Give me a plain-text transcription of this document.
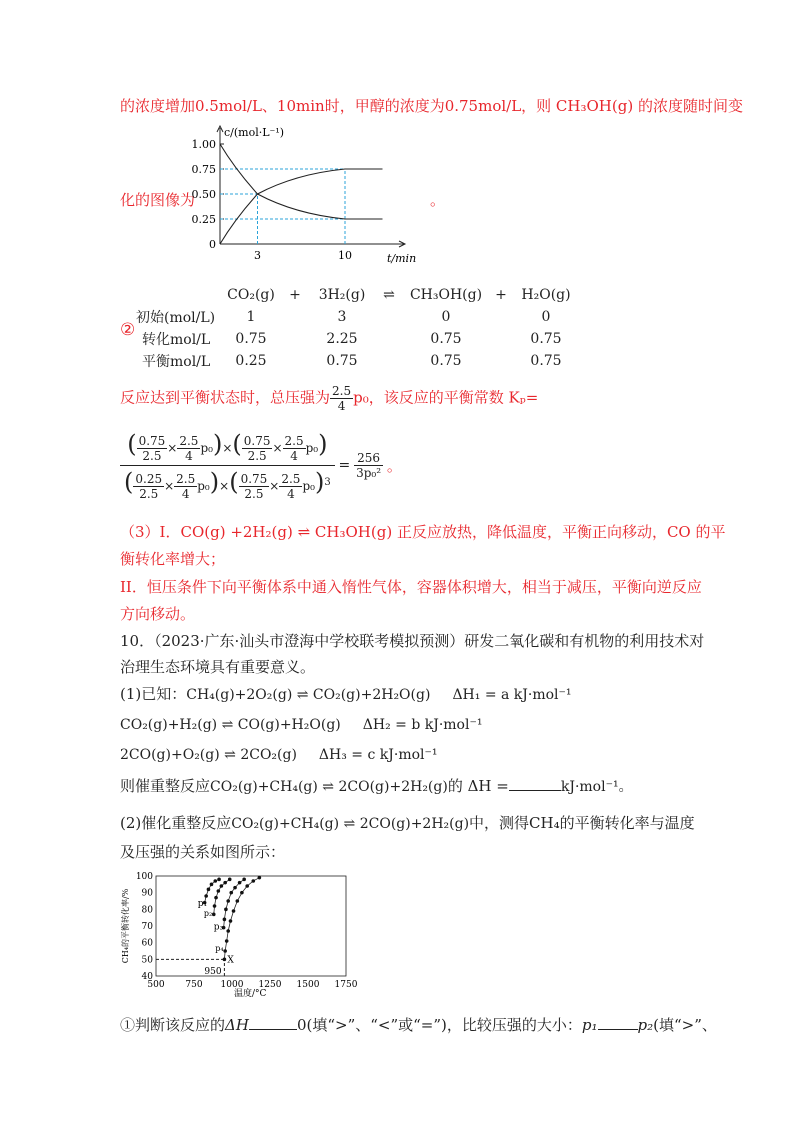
的浓度增加0.5mol/L、10min时，甲醇的浓度为0.75mol/L，则 CH₃OH(g) 的浓度随时间变
化的图像为
c/(mol·L⁻¹)
t/min
1.00
0.75
0.50
0.25
0
3	10
。
②
	CO₂(g)	+	3H₂(g)	⇌	CH₃OH(g)	+	H₂O(g)
初始(mol/L)	1		3		0		0
转化mol/L	0.75		2.25		0.75		0.75
平衡mol/L	0.25		0.75		0.75		0.75
反应达到平衡状态时，总压强为 $\frac{2.5}{4} p_0$，该反应的平衡常数 Kₚ=
$\frac{( \frac{0.75}{2.5} \times \frac{2.5}{4} p_0)\times( \frac{0.75}{2.5} \times \frac{2.5}{4} p_0)}{( \frac{0.25}{2.5} \times \frac{2.5}{4} p_0)\times( \frac{0.75}{2.5} \times \frac{2.5}{4} p_0)^3} = \frac{256}{\text{3p₀²}}$ 。
（3）I．CO(g) +2H₂(g) ⇌ CH₃OH(g) 正反应放热，降低温度，平衡正向移动，CO 的平
衡转化率增大；
II．恒压条件下向平衡体系中通入惰性气体，容器体积增大，相当于减压，平衡向逆反应
方向移动。
10．（2023·广东·汕头市澄海中学校联考模拟预测）研发二氧化碳和有机物的利用技术对
治理生态环境具有重要意义。
(1)已知：CH₄(g)+2O₂(g) ⇌ CO₂(g)+2H₂O(g) ΔH₁ = a kJ·mol⁻¹
CO₂(g)+H₂(g) ⇌ CO(g)+H₂O(g) ΔH₂ = b kJ·mol⁻¹
2CO(g)+O₂(g) ⇌ 2CO₂(g) ΔH₃ = c kJ·mol⁻¹
则催重整反应CO₂(g)+CH₄(g) ⇌ 2CO(g)+2H₂(g)的 ΔH =	kJ·mol⁻¹。
(2)催化重整反应CO₂(g)+CH₄(g) ⇌ 2CO(g)+2H₂(g)中，测得CH₄的平衡转化率与温度
及压强的关系如图所示：
100
90
80
70
60
50
40
500 750 1000 1250 1500 1750
温度/°C
CH₄的平衡转化率/%	p₁
p₂
p₃
p₄
X
950
①判断该反应的ΔH	0(填“>”、“<”或“=”)，比较压强的大小：p₁	p₂(填“>”、
